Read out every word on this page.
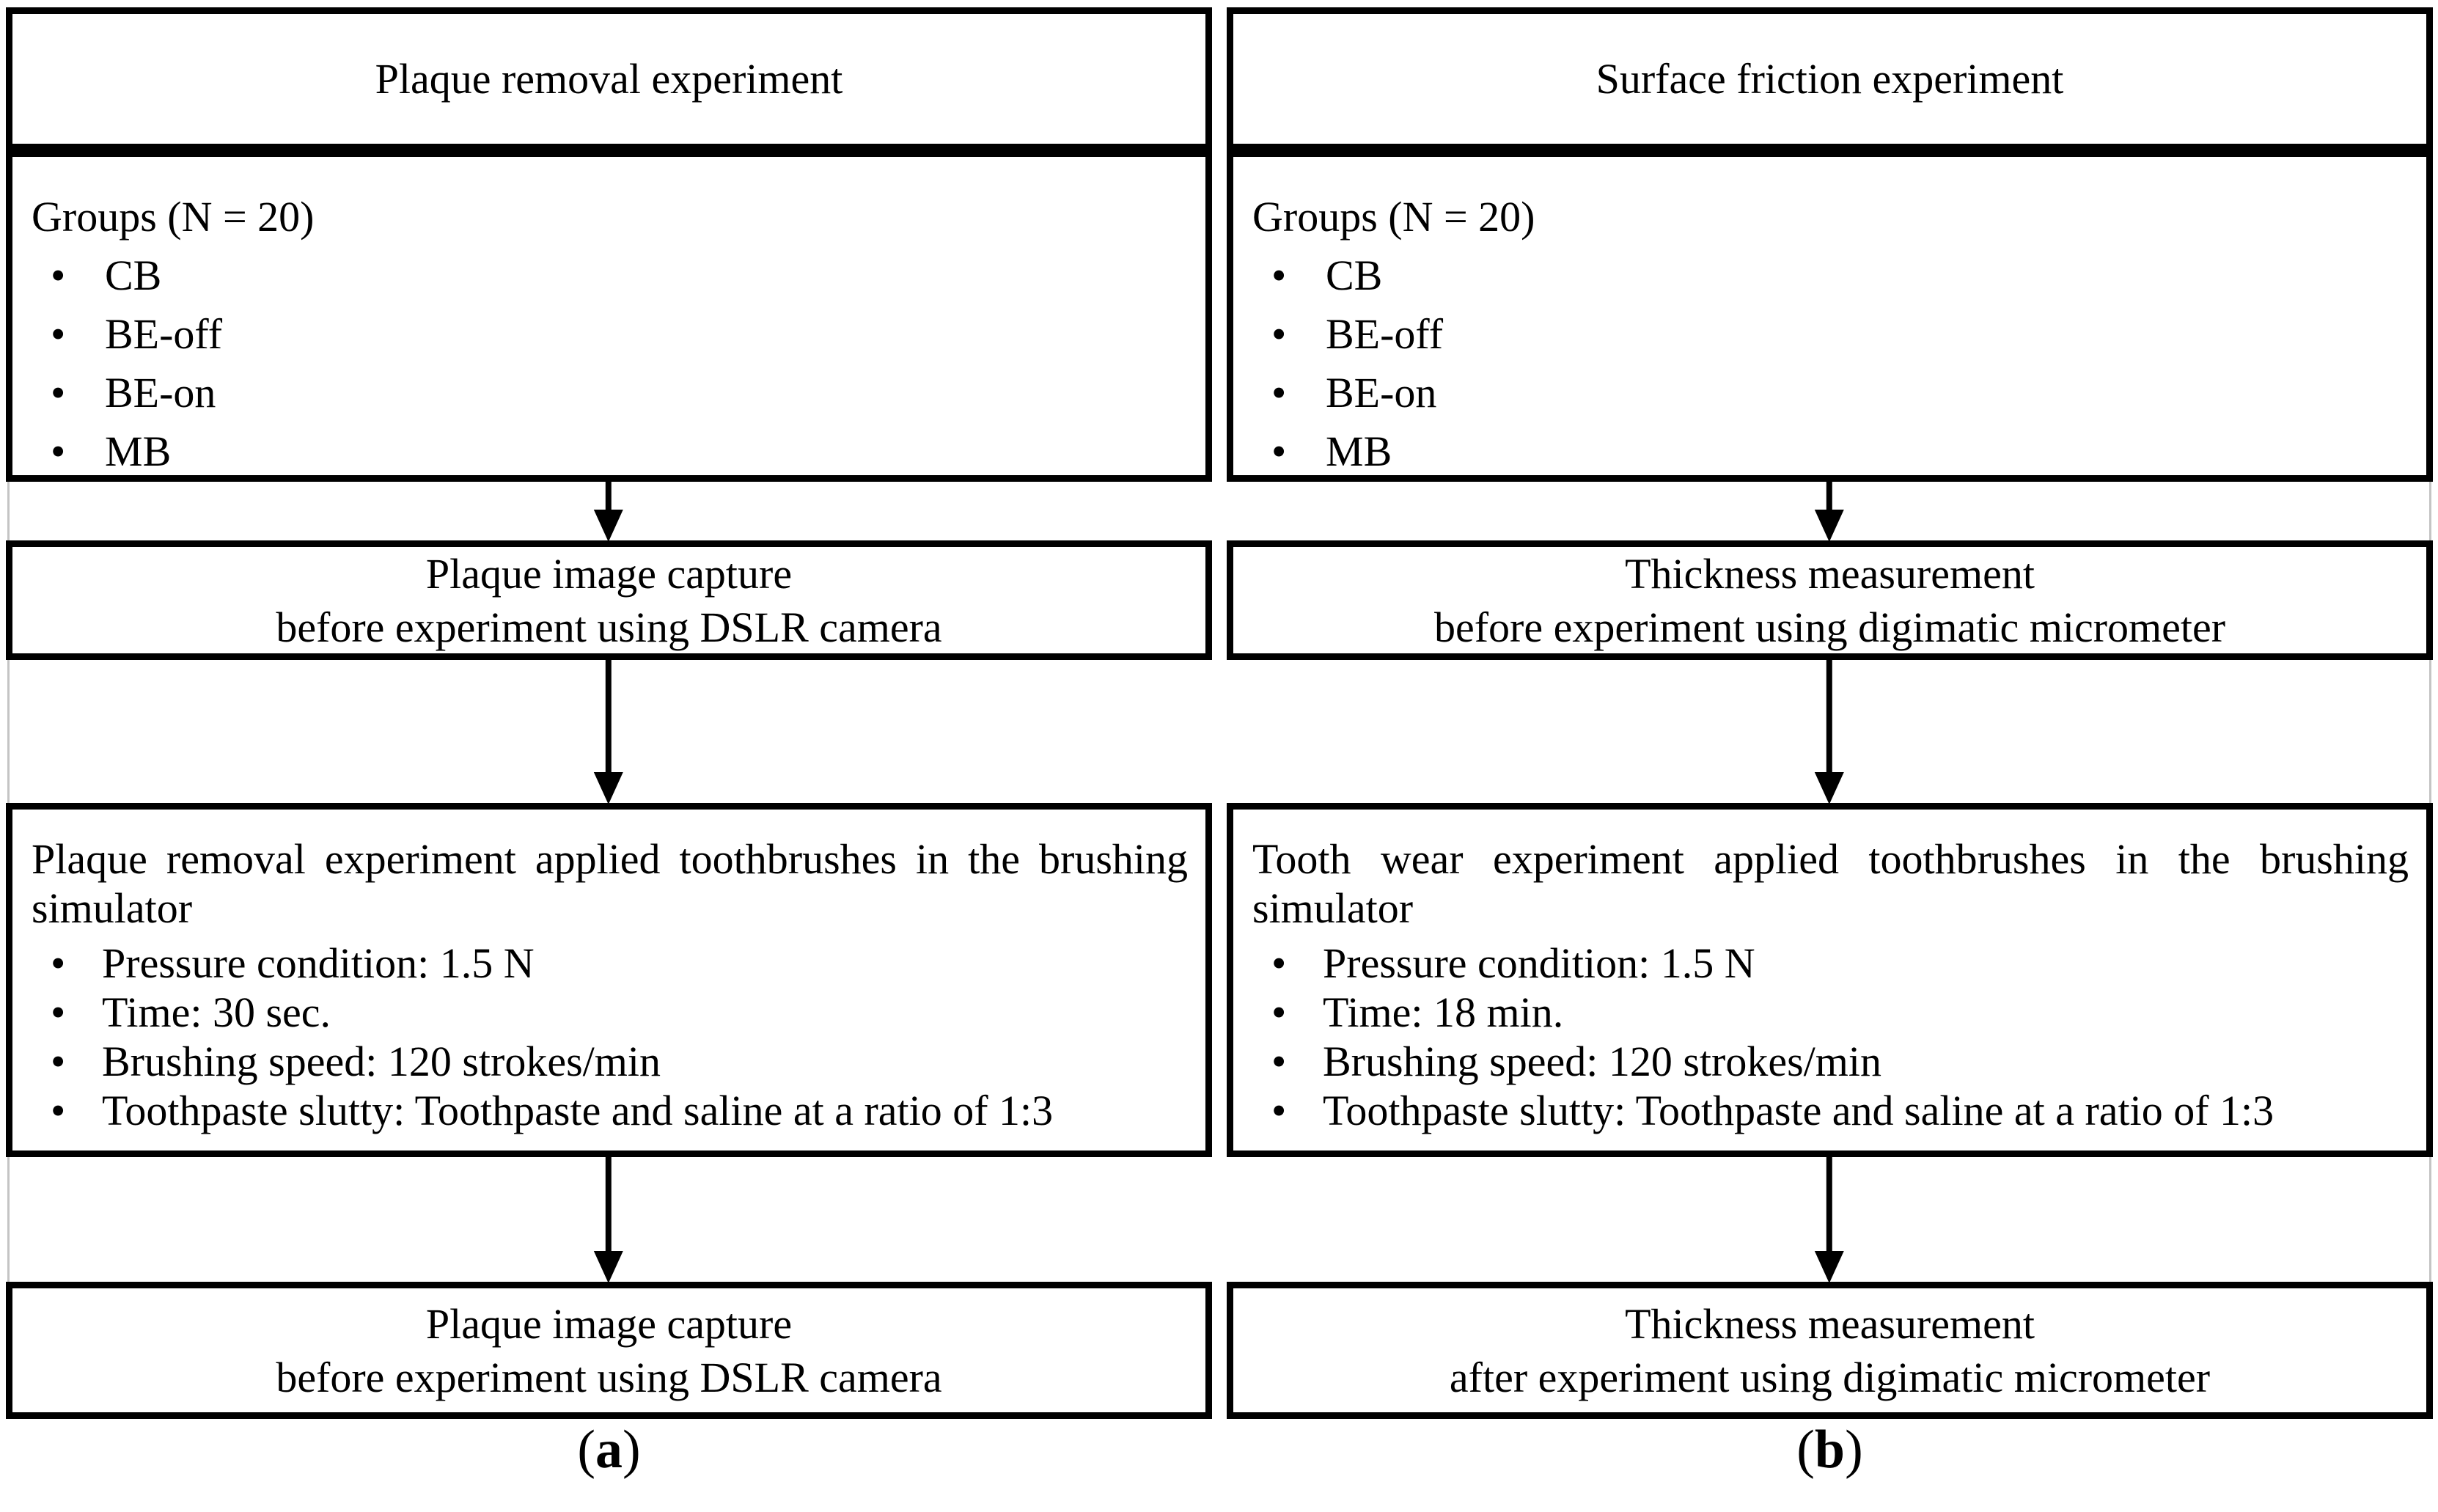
Plaque removal experiment
Groups (N = 20)
• CB
• BE-off
• BE-on
• MB
Plaque image capture
before experiment using DSLR camera
Plaque removal experiment applied toothbrushes in the brushing simulator
• Pressure condition: 1.5 N
• Time: 30 sec.
• Brushing speed: 120 strokes/min
• Toothpaste slutty: Toothpaste and saline at a ratio of 1:3
Plaque image capture
before experiment using DSLR camera
( a )
Surface friction experiment
Groups (N = 20)
• CB
• BE-off
• BE-on
• MB
Thickness measurement
before experiment using digimatic micrometer
Tooth wear experiment applied toothbrushes in the brushing simulator
• Pressure condition: 1.5 N
• Time: 18 min.
• Brushing speed: 120 strokes/min
• Toothpaste slutty: Toothpaste and saline at a ratio of 1:3
Thickness measurement
after experiment using digimatic micrometer
( b )
